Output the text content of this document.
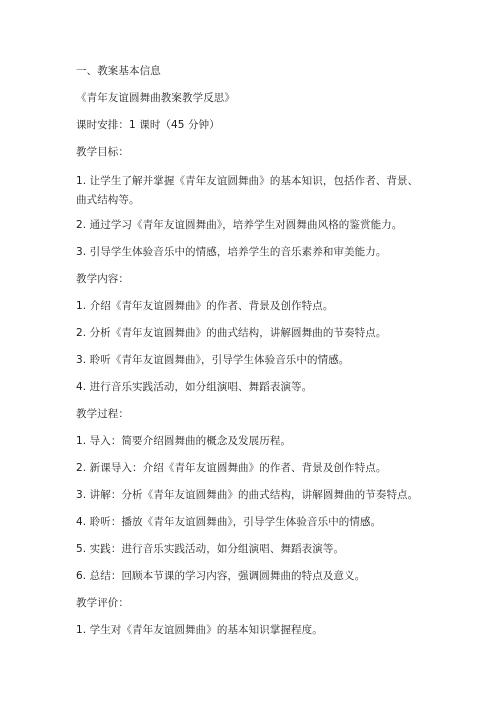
一、教案基本信息
《青年友谊圆舞曲教案教学反思》
课时安排：1 课时（45 分钟）
教学目标：
1. 让学生了解并掌握《青年友谊圆舞曲》的基本知识，包括作者、背景、曲式结构等。
2. 通过学习《青年友谊圆舞曲》，培养学生对圆舞曲风格的鉴赏能力。
3. 引导学生体验音乐中的情感，培养学生的音乐素养和审美能力。
教学内容：
1. 介绍《青年友谊圆舞曲》的作者、背景及创作特点。
2. 分析《青年友谊圆舞曲》的曲式结构，讲解圆舞曲的节奏特点。
3. 聆听《青年友谊圆舞曲》，引导学生体验音乐中的情感。
4. 进行音乐实践活动，如分组演唱、舞蹈表演等。
教学过程：
1. 导入：简要介绍圆舞曲的概念及发展历程。
2. 新课导入：介绍《青年友谊圆舞曲》的作者、背景及创作特点。
3. 讲解：分析《青年友谊圆舞曲》的曲式结构，讲解圆舞曲的节奏特点。
4. 聆听：播放《青年友谊圆舞曲》，引导学生体验音乐中的情感。
5. 实践：进行音乐实践活动，如分组演唱、舞蹈表演等。
6. 总结：回顾本节课的学习内容，强调圆舞曲的特点及意义。
教学评价：
1. 学生对《青年友谊圆舞曲》的基本知识掌握程度。
